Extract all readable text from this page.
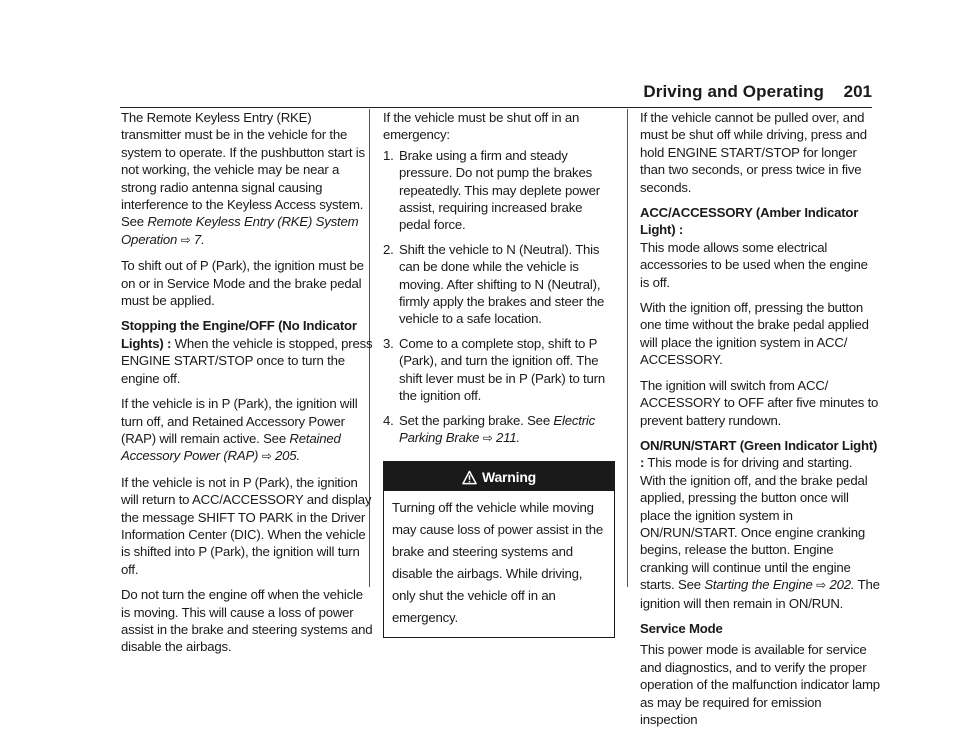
Driving and Operating 201

The Remote Keyless Entry (RKE) transmitter must be in the vehicle for the system to operate. If the pushbutton start is not working, the vehicle may be near a strong radio antenna signal causing interference to the Keyless Access system. See Remote Keyless Entry (RKE) System Operation ⇨ 7.

To shift out of P (Park), the ignition must be on or in Service Mode and the brake pedal must be applied.

Stopping the Engine/OFF (No Indicator Lights) : When the vehicle is stopped, press ENGINE START/STOP once to turn the engine off.

If the vehicle is in P (Park), the ignition will turn off, and Retained Accessory Power (RAP) will remain active. See Retained Accessory Power (RAP) ⇨ 205.

If the vehicle is not in P (Park), the ignition will return to ACC/ACCESSORY and display the message SHIFT TO PARK in the Driver Information Center (DIC). When the vehicle is shifted into P (Park), the ignition will turn off.

Do not turn the engine off when the vehicle is moving. This will cause a loss of power assist in the brake and steering systems and disable the airbags.

If the vehicle must be shut off in an emergency:

1. Brake using a firm and steady pressure. Do not pump the brakes repeatedly. This may deplete power assist, requiring increased brake pedal force.
2. Shift the vehicle to N (Neutral). This can be done while the vehicle is moving. After shifting to N (Neutral), firmly apply the brakes and steer the vehicle to a safe location.
3. Come to a complete stop, shift to P (Park), and turn the ignition off. The shift lever must be in P (Park) to turn the ignition off.
4. Set the parking brake. See Electric Parking Brake ⇨ 211.
Warning
Turning off the vehicle while moving may cause loss of power assist in the brake and steering systems and disable the airbags. While driving, only shut the vehicle off in an emergency.

If the vehicle cannot be pulled over, and must be shut off while driving, press and hold ENGINE START/STOP for longer than two seconds, or press twice in five seconds.

ACC/ACCESSORY (Amber Indicator Light) :
This mode allows some electrical accessories to be used when the engine is off.

With the ignition off, pressing the button one time without the brake pedal applied will place the ignition system in ACC/ ACCESSORY.

The ignition will switch from ACC/ ACCESSORY to OFF after five minutes to prevent battery rundown.

ON/RUN/START (Green Indicator Light) : This mode is for driving and starting. With the ignition off, and the brake pedal applied, pressing the button once will place the ignition system in ON/RUN/START. Once engine cranking begins, release the button. Engine cranking will continue until the engine starts. See Starting the Engine ⇨ 202. The ignition will then remain in ON/RUN.

Service Mode

This power mode is available for service and diagnostics, and to verify the proper operation of the malfunction indicator lamp as may be required for emission inspection
